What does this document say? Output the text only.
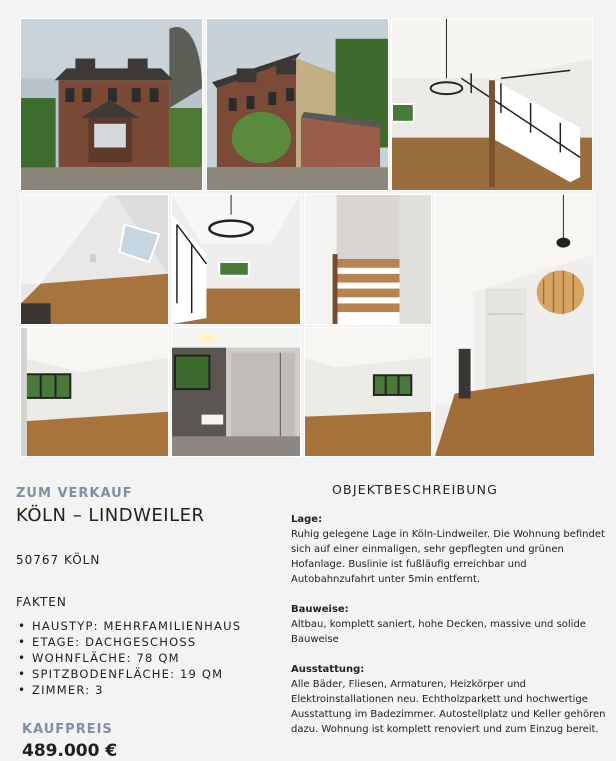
ZUM VERKAUF
KÖLN – LINDWEILER
50767 KÖLN
FAKTEN
• HAUSTYP: MEHRFAMILIENHAUS
• ETAGE: DACHGESCHOSS
• WOHNFLÄCHE: 78 QM
• SPITZBODENFLÄCHE: 19 QM
• ZIMMER: 3
KAUFPREIS
489.000 €
OBJEKTBESCHREIBUNG
Lage:
Ruhig gelegene Lage in Köln-Lindweiler. Die Wohnung befindet sich auf einer einmaligen, sehr gepflegten und grünen Hofanlage. Buslinie ist fußläufig erreichbar und Autobahnzufahrt unter 5min entfernt.
Bauweise:
Altbau, komplett saniert, hohe Decken, massive und solide Bauweise
Ausstattung:
Alle Bäder, Fliesen, Armaturen, Heizkörper und Elektroinstallationen neu. Echtholzparkett und hochwertige Ausstattung im Badezimmer. Autostellplatz und Keller gehören dazu. Wohnung ist komplett renoviert und zum Einzug bereit.
